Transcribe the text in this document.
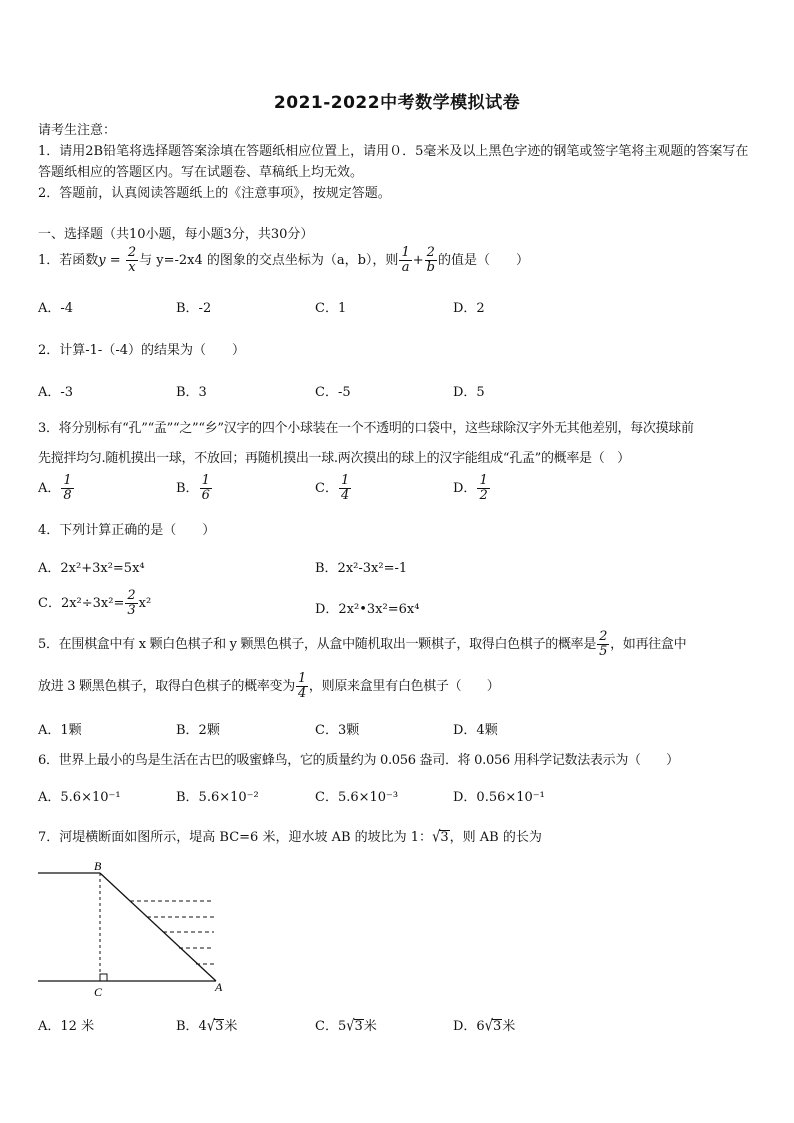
2021-2022中考数学模拟试卷
请考生注意：
1．请用2B铅笔将选择题答案涂填在答题纸相应位置上，请用０．5毫米及以上黑色字迹的钢笔或签字笔将主观题的答案写在答题纸相应的答题区内。写在试题卷、草稿纸上均无效。
2．答题前，认真阅读答题纸上的《注意事项》，按规定答题。
一、选择题（共10小题，每小题3分，共30分）
1．若函数$y = \frac{2}{x}$ 与 y=-2x4 的图象的交点坐标为（a，b），则 $\frac{1}{a} + \frac{2}{b}$ 的值是（　　）
A．-4	B．-2	C．1	D．2
2．计算-1-（-4）的结果为（　　）
A．-3	B．3	C．-5	D．5
3．将分别标有“孔”“孟”“之”“乡”汉字的四个小球装在一个不透明的口袋中，这些球除汉字外无其他差别，每次摸球前
先搅拌均匀.随机摸出一球，不放回；再随机摸出一球.两次摸出的球上的汉字能组成“孔孟”的概率是（　）
A． $\frac{1}{8}$	B． $\frac{1}{6}$	C． $\frac{1}{4}$	D． $\frac{1}{2}$
4．下列计算正确的是（　　）
A．2x²+3x²=5x⁴	B．2x²-3x²=-1
C．$2x^2\div 3x^2= \frac{2}{3} x^2$	D．2x²•3x²=6x⁴
5．在围棋盒中有 x 颗白色棋子和 y 颗黑色棋子，从盒中随机取出一颗棋子，取得白色棋子的概率是 $\frac{2}{5}$ ，如再往盒中
放进 3 颗黑色棋子，取得白色棋子的概率变为 $\frac{1}{4}$ ，则原来盒里有白色棋子（　　）
A．1颗	B．2颗	C．3颗	D．4颗
6．世界上最小的鸟是生活在古巴的吸蜜蜂鸟，它的质量约为 0.056 盎司．将 0.056 用科学记数法表示为（　　）
A．5.6×10⁻¹	B．5.6×10⁻²	C．5.6×10⁻³	D．0.56×10⁻¹
7．河堤横断面如图所示，堤高 BC=6 米，迎水坡 AB 的坡比为 1：√3，则 AB 的长为
B
C	A
A．12 米	B．4√3米	C．5√3米	D．6√3米
